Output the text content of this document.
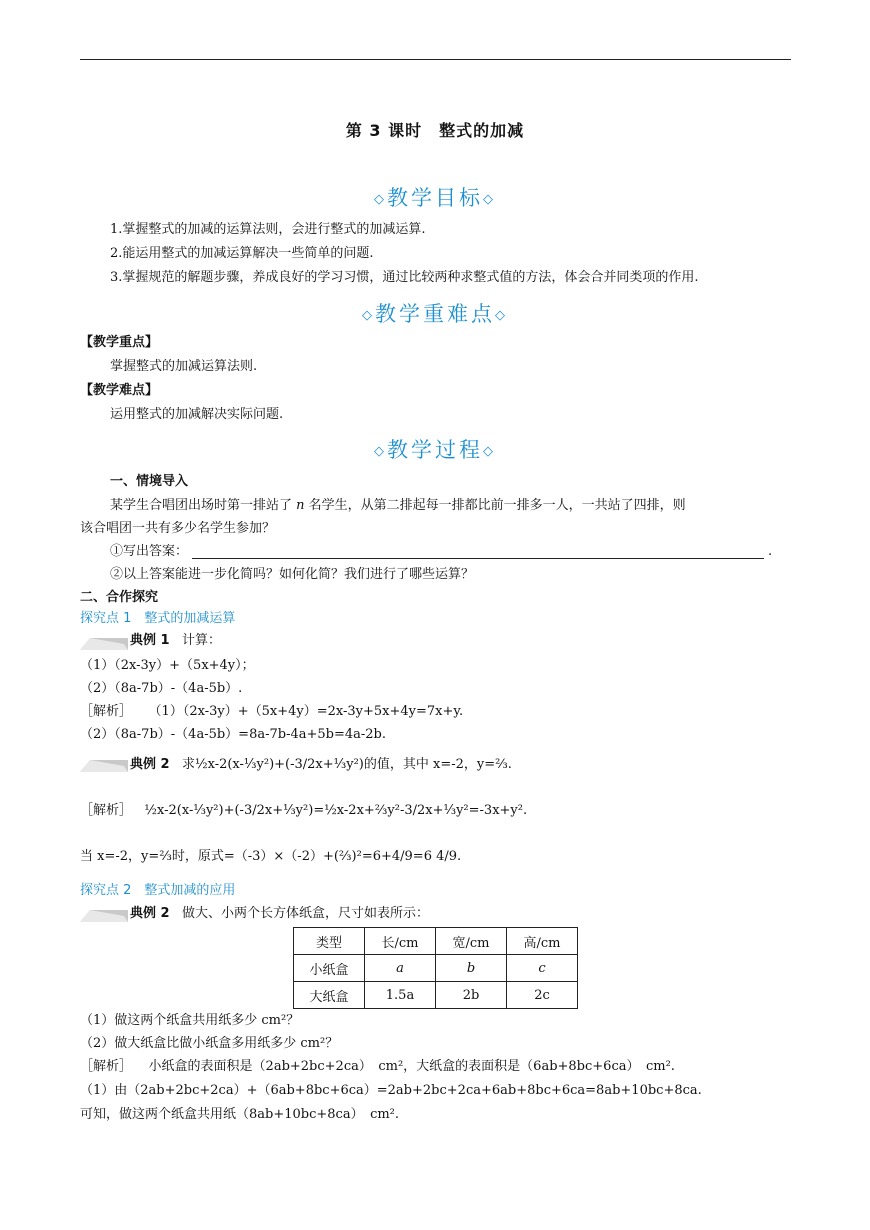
第 3 课时　整式的加减
◇教学目标◇
1.掌握整式的加减的运算法则，会进行整式的加减运算.
2.能运用整式的加减运算解决一些简单的问题.
3.掌握规范的解题步骤，养成良好的学习习惯，通过比较两种求整式值的方法，体会合并同类项的作用.
◇教学重难点◇
【教学重点】
掌握整式的加减运算法则.
【教学难点】
运用整式的加减解决实际问题.
◇教学过程◇
一、情境导入
某学生合唱团出场时第一排站了 n 名学生，从第二排起每一排都比前一排多一人，一共站了四排，则
该合唱团一共有多少名学生参加？
①写出答案：	.
②以上答案能进一步化简吗？如何化简？我们进行了哪些运算？
二、合作探究
探究点 1　整式的加减运算
典例 1 计算：
（1）（2x-3y）+（5x+4y）；
（2）（8a-7b）-（4a-5b）.
［解析］ （1）（2x-3y）+（5x+4y）=2x-3y+5x+4y=7x+y.
（2）（8a-7b）-（4a-5b）=8a-7b-4a+5b=4a-2b.
典例 2 求½x-2(x-⅓y²)+(-3/2x+⅓y²)的值，其中 x=-2，y=⅔.
［解析］ ½x-2(x-⅓y²)+(-3/2x+⅓y²)=½x-2x+⅔y²-3/2x+⅓y²=-3x+y².
当 x=-2，y=⅔时，原式=（-3）×（-2）+(⅔)²=6+4/9=6 4/9.
探究点 2　整式加减的应用
典例 2 做大、小两个长方体纸盒，尺寸如表所示：
类型	长/cm	宽/cm	高/cm
小纸盒	a	b	c
大纸盒	1.5a	2b	2c
（1）做这两个纸盒共用纸多少 cm²？
（2）做大纸盒比做小纸盒多用纸多少 cm²？
［解析］ 小纸盒的表面积是（2ab+2bc+2ca）　cm²，大纸盒的表面积是（6ab+8bc+6ca）　cm².
（1）由（2ab+2bc+2ca）+（6ab+8bc+6ca）=2ab+2bc+2ca+6ab+8bc+6ca=8ab+10bc+8ca.
可知，做这两个纸盒共用纸（8ab+10bc+8ca）　cm².
